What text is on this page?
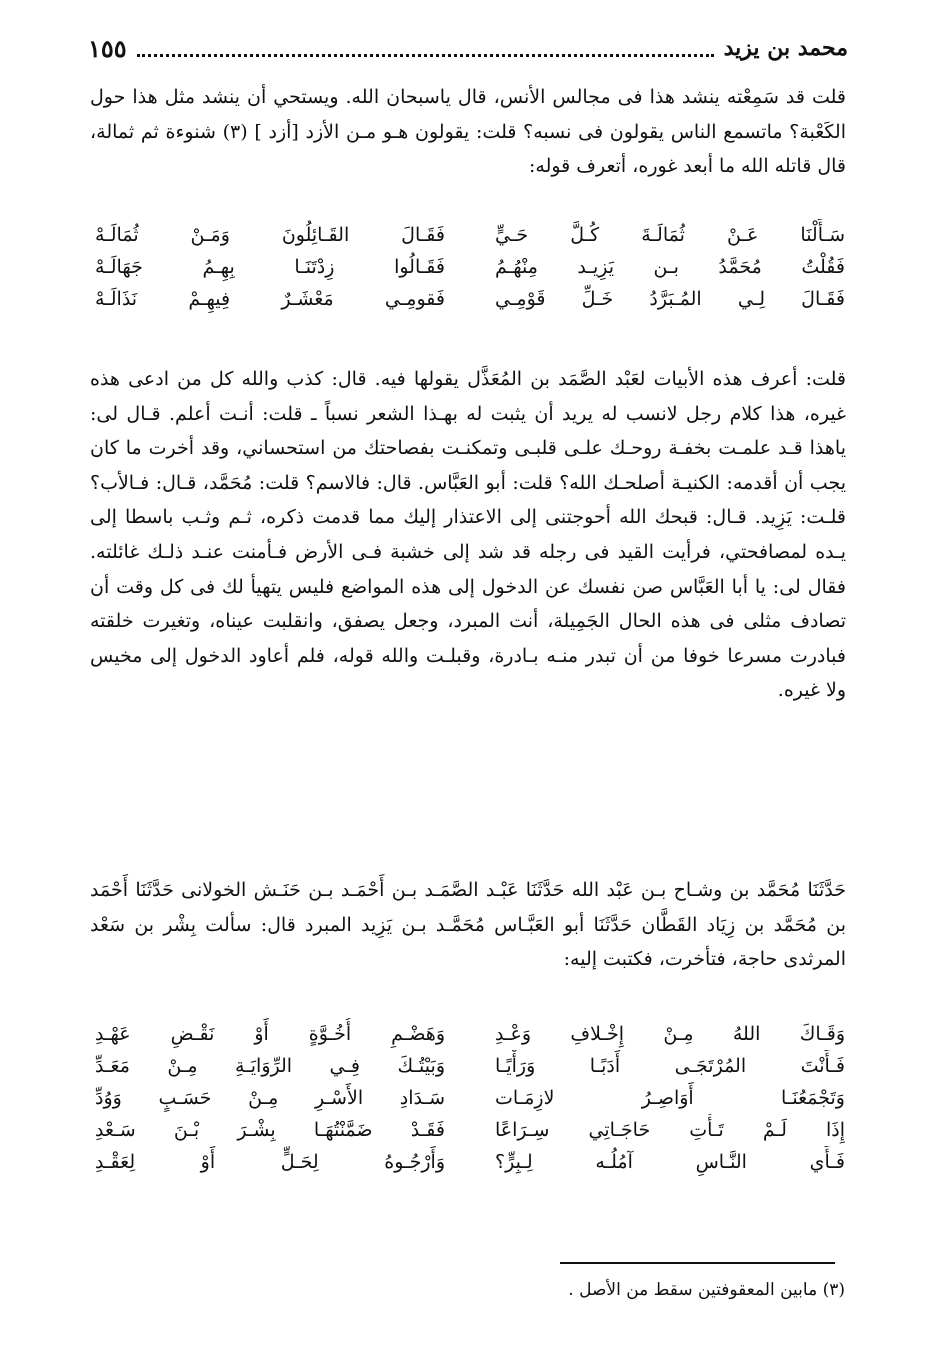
محمد بن يزيد
١٥٥

قلت قد سَمِعْته ينشد هذا فى مجالس الأنس، قال ياسبحان الله. ويستحي أن ينشد مثل هذا حول الكَعْبة؟ ماتسمع الناس يقولون فى نسبه؟ قلت: يقولون هـو مـن الأزد [أزد ] (٣) شنوءة ثم ثمالة، قال قاتله الله ما أبعد غوره، أتعرف قوله:

سَـأَلْنَا عَـنْ ثُمَالَـةَ كُـلَّ حَـيٍّ
فَقَـالَ القَـائِلُونَ وَمَـنْ ثُمَالَـهْ
فَقُلْتُ مُحَمَّدُ بـن يَزِيـد مِنْهُـمُ
فَقَـالُوا زِدْتَنَـا بِهِـمُ جَهَالَـهْ
فَقَـالَ لِـي المُـبَرَّدُ خَـلِّ قَوْمِـي
فَقومِـي مَعْشَـرٌ فِيهِـمْ نَذَالَـهْ

قلت: أعرف هذه الأبيات لعَبْد الصَّمَد بن المُعَذَّل يقولها فيه. قال: كذب والله كل من ادعى هذه غيره، هذا كلام رجل لانسب له يريد أن يثبت له بهـذا الشعر نسباً ـ قلت: أنـت أعلم. قـال لى: ياهذا قـد علمـت بخفـة روحـك علـى قلبـى وتمكنـت بفصاحتك من استحساني، وقد أخرت ما كان يجب أن أقدمه: الكنيـة أصلحـك الله؟ قلت: أبو العَبَّاس. قال: فالاسم؟ قلت: مُحَمَّد، قـال: فـالأب؟ قلـت: يَزِيد. قـال: قبحك الله أحوجتنى إلى الاعتذار إليك مما قدمت ذكره، ثـم وثـب باسطا إلى يـده لمصافحتي، فرأيت القيد فى رجله قد شد إلى خشبة فـى الأرض فـأمنت عنـد ذلـك غائلته. فقال لى: يا أبا العَبَّاس صن نفسك عن الدخول إلى هذه المواضع فليس يتهيأ لك فى كل وقت أن تصادف مثلى فى هذه الحال الجَمِيلة، أنت المبرد، وجعل يصفق، وانقلبت عيناه، وتغيرت خلقته فبادرت مسرعا خوفا من أن تبدر منـه بـادرة، وقبلـت والله قوله، فلم أعاود الدخول إلى مخيس ولا غيره.

حَدَّثَنَا مُحَمَّد بن وشـاح بـن عَبْد الله حَدَّثَنَا عَبْـد الصَّمَـد بـن أَحْمَـد بـن حَنَـش الخولانى حَدَّثَنَا أَحْمَد بن مُحَمَّد بن زِيَاد القَطَّان حَدَّثَنَا أبو العَبَّـاس مُحَمَّـد بـن يَزِيد المبرد قال: سألت بِشْر بن سَعْد المرثدى حاجة، فتأخرت، فكتبت إليه:

وَقَـاكَ اللهُ مِـنْ إِخْـلافِ وَعْـدِ
وَهَضْـمِ أُخُـوَّةٍ أَوْ نَقْـضِ عَهْـدِ
فَـأَنْتَ المُرْتَجَـى أَدَبًـا وَرَأْيًـا
وَبَيْتُـكَ فِـي الرِّوَايَـةِ مِـنْ مَعَـدِّ
وَتَجْمَعُنَـا أَوَاصِـرُ لازِمَـات
سَـدَادِ الأَسْـرِ مِـنْ حَسَـبٍ وَوُدِّ
إِذَا لَـمْ تَـأْتِ حَاجَـاتِي سِـرَاعًا
فَقَـدْ ضَمَّنْتُهَـا بِشْـرَ بْـنَ سَـعْدِ
فَـأَي النَّـاسِ آمُلُـه لِـبِرٍّ؟
وَأَرْجُـوهُ لِحَـلٍّ أَوْ لِعَقْـدِ
(٣) مابين المعقوفتين سقط من الأصل .
